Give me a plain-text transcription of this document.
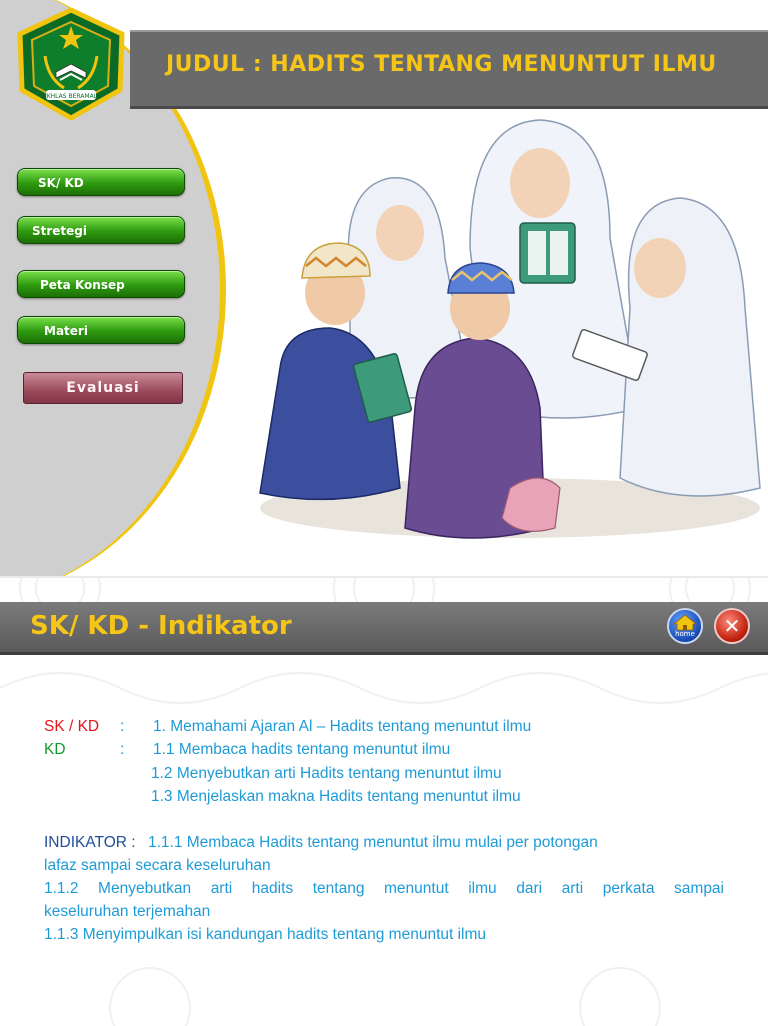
JUDUL : HADITS TENTANG MENUNTUT ILMU
IKHLAS BERAMAL
SK/ KD
Stretegi
Peta Konsep
Materi
Evaluasi
SK/ KD - Indikator	home	✕
SK / KD : 1. Memahami Ajaran Al – Hadits tentang menuntut ilmu
KD	: 1.1 Membaca hadits tentang menuntut ilmu
1.2 Menyebutkan arti Hadits tentang menuntut ilmu
1.3 Menjelaskan makna Hadits tentang menuntut ilmu
INDIKATOR : 1.1.1 Membaca Hadits tentang menuntut ilmu mulai per potongan
lafaz sampai secara keseluruhan
1.1.2 Menyebutkan arti hadits tentang menuntut ilmu dari arti perkata sampai
keseluruhan terjemahan
1.1.3 Menyimpulkan isi kandungan hadits tentang menuntut ilmu
